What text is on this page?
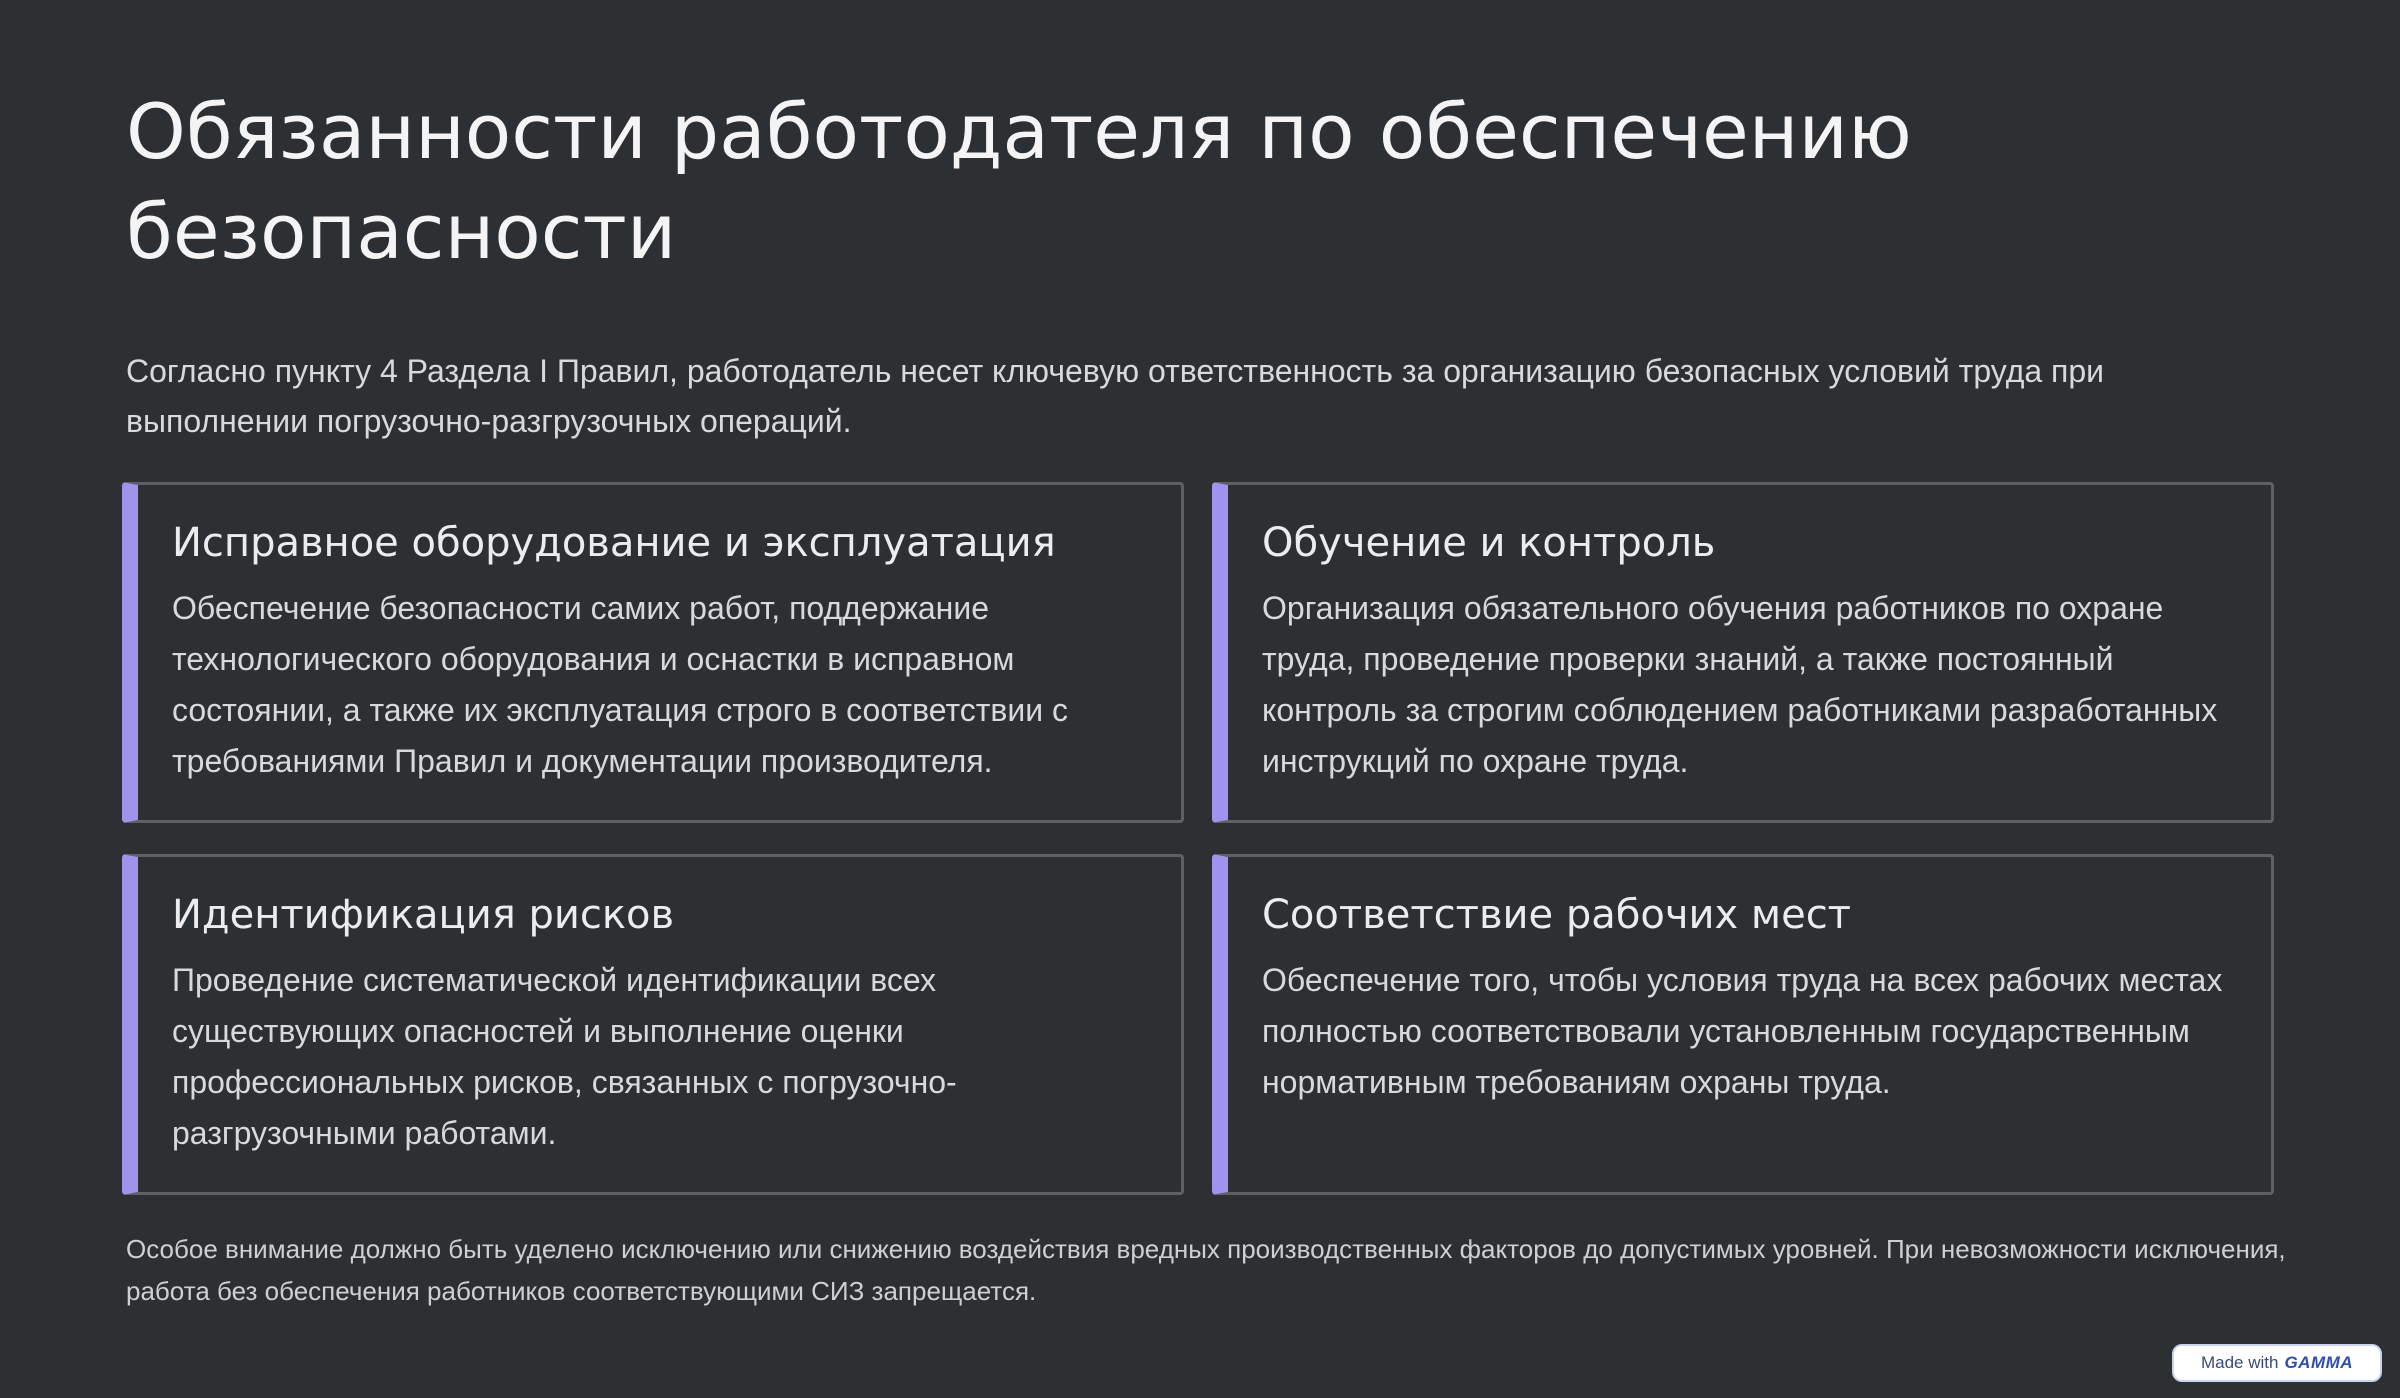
Обязанности работодателя по обеспечению безопасности

Согласно пункту 4 Раздела I Правил, работодатель несет ключевую ответственность за организацию безопасных условий труда при выполнении погрузочно-разгрузочных операций.

Исправное оборудование и эксплуатация

Обеспечение безопасности самих работ, поддержание технологического оборудования и оснастки в исправном состоянии, а также их эксплуатация строго в соответствии с требованиями Правил и документации производителя.

Обучение и контроль

Организация обязательного обучения работников по охране труда, проведение проверки знаний, а также постоянный контроль за строгим соблюдением работниками разработанных инструкций по охране труда.

Идентификация рисков

Проведение систематической идентификации всех существующих опасностей и выполнение оценки профессиональных рисков, связанных с погрузочно-разгрузочными работами.

Соответствие рабочих мест

Обеспечение того, чтобы условия труда на всех рабочих местах полностью соответствовали установленным государственным нормативным требованиям охраны труда.

Особое внимание должно быть уделено исключению или снижению воздействия вредных производственных факторов до допустимых уровней. При невозможности исключения, работа без обеспечения работников соответствующими СИЗ запрещается.

Made with GAMMA
